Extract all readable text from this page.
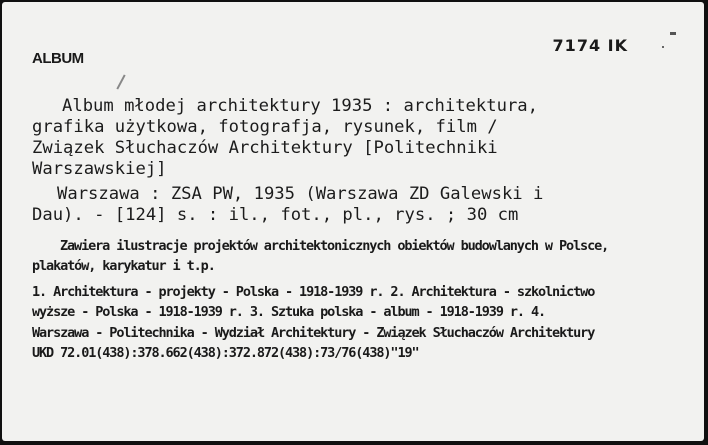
ALBUM
7174 IK
Album młodej architektury 1935 : architektura,
grafika użytkowa, fotografja, rysunek, film /
Związek Słuchaczów Architektury [Politechniki
Warszawskiej]
Warszawa : ZSA PW, 1935 (Warszawa ZD Galewski i
Dau). - [124] s. : il., fot., pl., rys. ; 30 cm
Zawiera ilustracje projektów architektonicznych obiektów budowlanych w Polsce,
plakatów, karykatur i t.p.
1. Architektura - projekty - Polska - 1918-1939 r. 2. Architektura - szkolnictwo
wyższe - Polska - 1918-1939 r. 3. Sztuka polska - album - 1918-1939 r. 4.
Warszawa - Politechnika - Wydział Architektury - Związek Słuchaczów Architektury
UKD 72.01(438):378.662(438):372.872(438):73/76(438)"19"
